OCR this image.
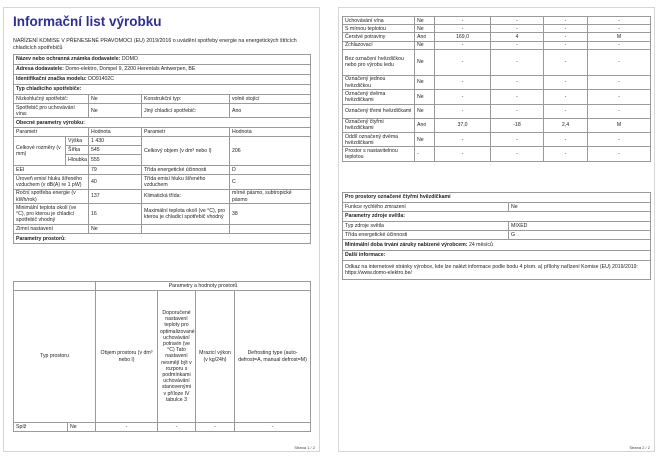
Informační list výrobku
NAŘÍZENÍ KOMISE V PŘENESENÉ PRAVOMOCI (EU) 2019/2016 o uvádění spotřeby energie na energetických štítcích chladicích spotřebičů
Název nebo ochranná známka dodavatele: DOMO				
Adresa dodavatele: Domo-elektro, Dompel 9, 2200 Herentals Antwerpen, BE				
Identifikační značka modelu: DO91402C				
Typ chladicího spotřebiče:				
Nízkohlučný spotřebič:		Ne	Konstrukční typ:	volně stojící
Spotřebič pro uchovávání vína:		Ne	Jiný chladicí spotřebič:	Ano
Obecné parametry výrobku:				
Parametr		Hodnota	Parametr	Hodnota
Celkové rozměry (v mm)	Výška	1 430	Celkový objem (v dm³ nebo l)	206
	Šířka	545		
	Hloubka	555		
EEI		79	Třída energetické účinnosti	D
Úroveň emisí hluku šířeného vzduchem (v dB(A) re 1 pW)		40	Třída emisí hluku šířeného vzduchem	C
Roční spotřeba energie (v kWh/rok)		137	Klimatická třída:	mírné pásmo, subtropické pásmo
Minimální teplota okolí (ve °C), pro kterou je chladicí spotřebič vhodný		16	Maximální teplota okolí (ve °C), pro kterou je chladicí spotřebič vhodný	38
Zimní nastavení		Ne		
Parametry prostorů:				
		Parametry a hodnoty prostorů			
Typ prostoru		Objem prostoru (v dm³ nebo l)	Doporučené nastavení teploty pro optimalizované uchovávání potravin (ve °C) Tato nastavení nesmějí být v rozporu s podmínkami uchovávání stanovenými v příloze IV tabulce 3	Mrazicí výkon (v kg/24h)	Defrosting type (auto-defrost=A, manual defrost=M)
Spíž	Ne	-	-	-	-
Strana 1 / 2
Uchovávání vína	Ne	-	-	-	-
S mírnou teplotou	Ne	-	-	-	-
Čerstvé potraviny	Ano	169,0	4	-	M
Zchlazovací	Ne	-	-	-	-
Bez označení hvězdičkou nebo pro výrobu ledu	Ne	-	-	-	-
Označený jednou hvězdičkou	Ne	-	-	-	-
Označený dvěma hvězdičkami	Ne	-	-	-	-
Označený třemi hvězdičkami	Ne	-	-	-	-
Označený čtyřmi hvězdičkami	Ano	37,0	-18	2,4	M
Oddíl označený dvěma hvězdičkami	Ne	-	-	-	-
Prostor s nastavitelnou teplotou	-	-	-	-	-
Pro prostory označené čtyřmi hvězdičkami	
Funkce rychlého zmrazení	Ne
Parametry zdroje světla:	
Typ zdroje světla	MIXED
Třída energetické účinnosti	G
Minimální doba trvání záruky nabízené výrobcem: 24 měsíců	
Další informace:	
Odkaz na internetové stránky výrobce, kde lze nalézt informace podle bodu 4 písm. a) přílohy nařízení Komise (EU) 2019/2019: https://www.domo-elektro.be/	
Strana 2 / 2
